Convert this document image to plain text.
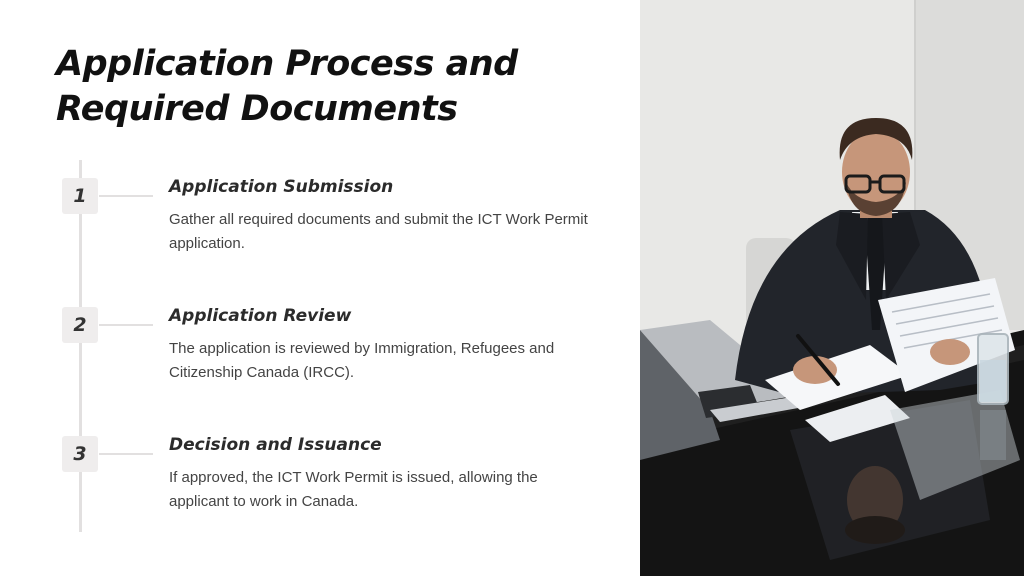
Application Process and
Required Documents
1	Application Submission

Gather all required documents and submit the ICT Work Permit application.

2	Application Review

The application is reviewed by Immigration, Refugees and Citizenship Canada (IRCC).

3	Decision and Issuance

If approved, the ICT Work Permit is issued, allowing the applicant to work in Canada.
